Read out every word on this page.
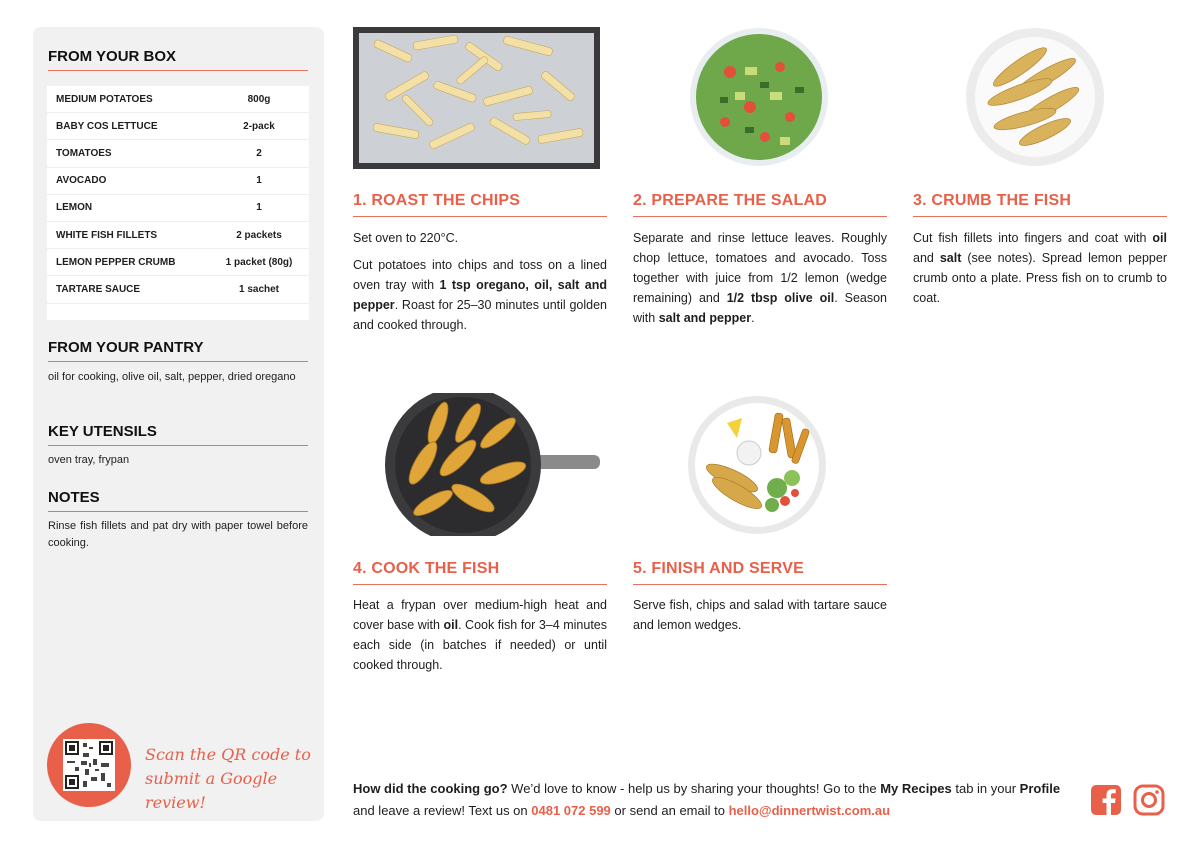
FROM YOUR BOX
MEDIUM POTATOES	800g
BABY COS LETTUCE	2-pack
TOMATOES	2
AVOCADO	1
LEMON	1
WHITE FISH FILLETS	2 packets
LEMON PEPPER CRUMB	1 packet (80g)
TARTARE SAUCE	1 sachet
FROM YOUR PANTRY
oil for cooking, olive oil, salt, pepper, dried oregano
KEY UTENSILS
oven tray, frypan
NOTES
Rinse fish fillets and pat dry with paper towel before cooking.
Scan the QR code to submit a Google review!
1. ROAST THE CHIPS

Set oven to 220°C.

Cut potatoes into chips and toss on a lined oven tray with 1 tsp oregano, oil, salt and pepper. Roast for 25–30 minutes until golden and cooked through.

2. PREPARE THE SALAD

Separate and rinse lettuce leaves. Roughly chop lettuce, tomatoes and avocado. Toss together with juice from 1/2 lemon (wedge remaining) and 1/2 tbsp olive oil. Season with salt and pepper.

3. CRUMB THE FISH

Cut fish fillets into fingers and coat with oil and salt (see notes). Spread lemon pepper crumb onto a plate. Press fish on to crumb to coat.

4. COOK THE FISH

Heat a frypan over medium-high heat and cover base with oil. Cook fish for 3–4 minutes each side (in batches if needed) or until cooked through.

5. FINISH AND SERVE

Serve fish, chips and salad with tartare sauce and lemon wedges.

How did the cooking go? We’d love to know - help us by sharing your thoughts! Go to the My Recipes tab in your Profile and leave a review! Text us on 0481 072 599 or send an email to hello@dinnertwist.com.au
